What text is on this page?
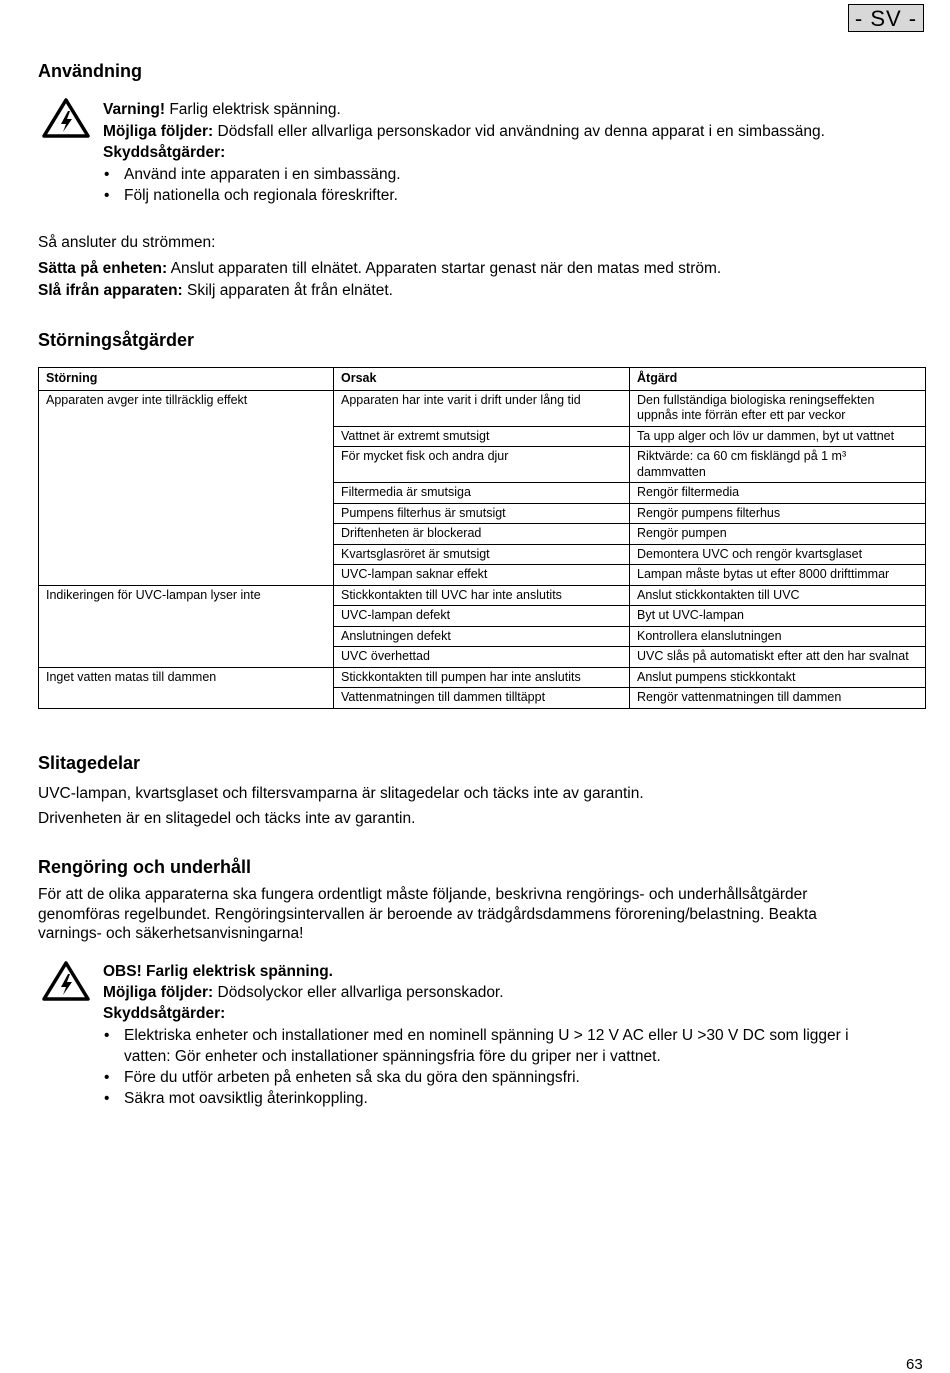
- SV -
Användning
Varning! Farlig elektrisk spänning.
Möjliga följder: Dödsfall eller allvarliga personskador vid användning av denna apparat i en simbassäng.
Skyddsåtgärder:
• Använd inte apparaten i en simbassäng.
• Följ nationella och regionala föreskrifter.
Så ansluter du strömmen:
Sätta på enheten: Anslut apparaten till elnätet. Apparaten startar genast när den matas med ström.
Slå ifrån apparaten: Skilj apparaten åt från elnätet.
Störningsåtgärder
Störning	Orsak	Åtgärd
Apparaten avger inte tillräcklig effekt	Apparaten har inte varit i drift under lång tid	Den fullständiga biologiska reningseffekten uppnås inte förrän efter ett par veckor
	Vattnet är extremt smutsigt	Ta upp alger och löv ur dammen, byt ut vattnet
	För mycket fisk och andra djur	Riktvärde: ca 60 cm fisklängd på 1 m³ dammvatten
	Filtermedia är smutsiga	Rengör filtermedia
	Pumpens filterhus är smutsigt	Rengör pumpens filterhus
	Driftenheten är blockerad	Rengör pumpen
	Kvartsglasröret är smutsigt	Demontera UVC och rengör kvartsglaset
	UVC-lampan saknar effekt	Lampan måste bytas ut efter 8000 drifttimmar
Indikeringen för UVC-lampan lyser inte	Stickkontakten till UVC har inte anslutits	Anslut stickkontakten till UVC
	UVC-lampan defekt	Byt ut UVC-lampan
	Anslutningen defekt	Kontrollera elanslutningen
	UVC överhettad	UVC slås på automatiskt efter att den har svalnat
Inget vatten matas till dammen	Stickkontakten till pumpen har inte anslutits	Anslut pumpens stickkontakt
	Vattenmatningen till dammen tilltäppt	Rengör vattenmatningen till dammen
Slitagedelar
UVC-lampan, kvartsglaset och filtersvamparna är slitagedelar och täcks inte av garantin.
Drivenheten är en slitagedel och täcks inte av garantin.
Rengöring och underhåll
För att de olika apparaterna ska fungera ordentligt måste följande, beskrivna rengörings- och underhållsåtgärder
genomföras regelbundet. Rengöringsintervallen är beroende av trädgårdsdammens förorening/belastning. Beakta
varnings- och säkerhetsanvisningarna!
OBS! Farlig elektrisk spänning.
Möjliga följder: Dödsolyckor eller allvarliga personskador.
Skyddsåtgärder:
• Elektriska enheter och installationer med en nominell spänning U > 12 V AC eller U >30 V DC som ligger i
vatten: Gör enheter och installationer spänningsfria före du griper ner i vattnet.
• Före du utför arbeten på enheten så ska du göra den spänningsfri.
• Säkra mot oavsiktlig återinkoppling.
63
